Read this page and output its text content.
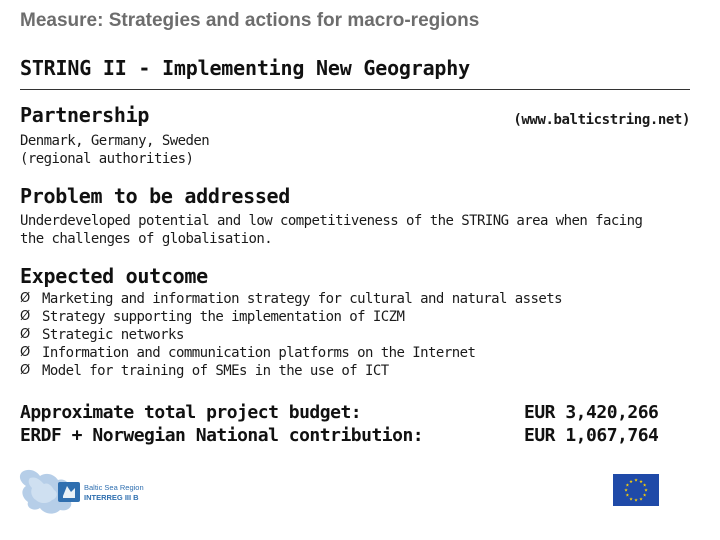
Measure: Strategies and actions for macro-regions
STRING II - Implementing New Geography
Partnership	(www.balticstring.net)
Denmark, Germany, Sweden
(regional authorities)
Problem to be addressed
Underdeveloped potential and low competitiveness of the STRING area when facing
the challenges of globalisation.
Expected outcome
Ø Marketing and information strategy for cultural and natural assets
Ø Strategy supporting the implementation of ICZM
Ø Strategic networks
Ø Information and communication platforms on the Internet
Ø Model for training of SMEs in the use of ICT
Approximate total project budget:
ERDF + Norwegian National contribution:
EUR 3,420,266
EUR 1,067,764
Baltic Sea Region
INTERREG III B
★ ★
★
★
★
★
★
★
★
★
★
★
